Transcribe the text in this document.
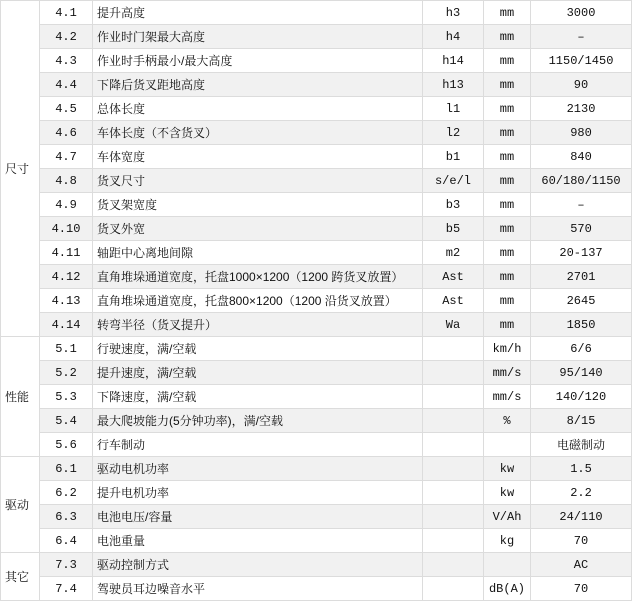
尺寸	4.1	提升高度	h3	mm	3000
	4.2	作业时门架最大高度	h4	mm	–
	4.3	作业时手柄最小/最大高度	h14	mm	1150/1450
	4.4	下降后货叉距地高度	h13	mm	90
	4.5	总体长度	l1	mm	2130
	4.6	车体长度（不含货叉）	l2	mm	980
	4.7	车体宽度	b1	mm	840
	4.8	货叉尺寸	s/e/l	mm	60/180/1150
	4.9	货叉架宽度	b3	mm	–
	4.10	货叉外宽	b5	mm	570
	4.11	轴距中心离地间隙	m2	mm	20-137
	4.12	直角堆垛通道宽度，托盘1000×1200（1200 跨货叉放置）	Ast	mm	2701
	4.13	直角堆垛通道宽度，托盘800×1200（1200 沿货叉放置）	Ast	mm	2645
	4.14	转弯半径（货叉提升）	Wa	mm	1850
性能	5.1	行驶速度，满/空载		km/h	6/6
	5.2	提升速度，满/空载		mm/s	95/140
	5.3	下降速度，满/空载		mm/s	140/120
	5.4	最大爬坡能力(5分钟功率)，满/空载		%	8/15
	5.6	行车制动			电磁制动
驱动	6.1	驱动电机功率		kw	1.5
	6.2	提升电机功率		kw	2.2
	6.3	电池电压/容量		V/Ah	24/110
	6.4	电池重量		kg	70
其它	7.3	驱动控制方式			AC
	7.4	驾驶员耳边噪音水平		dB(A)	70
